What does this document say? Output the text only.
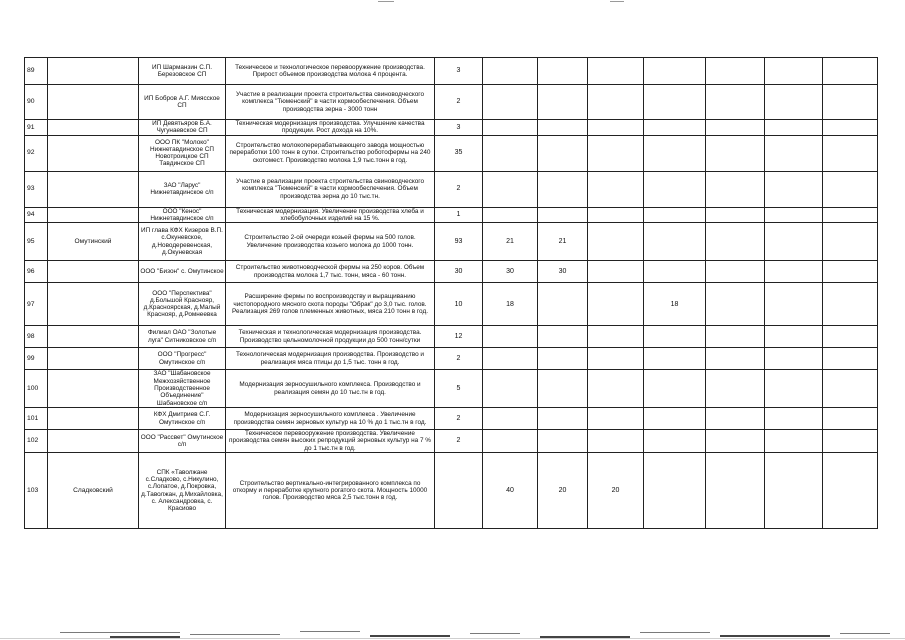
89		ИП Шарманзин С.П. Березовское СП	Техническое и технологическое перевооружение производства. Прирост объемов производства молока 4 процента.	3							
90		ИП Бобров А.Г. Миясское СП	Участие в реализации проекта строительства свиноводческого комплекса "Тюменский" в части кормообеспечения. Объем производства зерна - 3000 тонн	2							
91		ИП Девятьяров Б.А. Чугунаевское СП	Техническая модернизация производства. Улучшение качества продукции. Рост дохода на 10%.	3							
92		ООО ПК "Молоко" Нижнетавдинское СП Новотроицкое СП Тавдинское СП	Строительство молокоперерабатывающего завода мощностью переработки 100 тонн в сутки. Строительство роботофермы на 240 скотомест. Производство молока 1,9 тыс.тонн в год.	35							
93		ЗАО "Ларус" Нижнетавдинское с/п	Участие в реализации проекта строительства свиноводческого комплекса "Тюменский" в части кормообеспечения. Объем производства зерна до 10 тыс.тн.	2							
94		ООО "Кенос" Нижнетавдинское с/п	Техническая модернизация. Увеличение производства хлеба и хлебобулочных изделий на 15 %.	1							
95	Омутинский	ИП глава КФХ Кизеров В.П. с.Окуневское, д.Новодеревенская, д.Окуневская	Строительство 2-ой очереди козьей фермы на 500 голов. Увеличение производства козьего молока до 1000 тонн.	93	21	21					
96		ООО "Бизон" с. Омутинское	Строительство животноводческой фермы на 250 коров. Объем производства молока 1,7 тыс. тонн, мяса - 60 тонн.	30	30	30					
97		ООО "Перспектива" д.Большой Краснояр, д.Красноярская, д.Малый Краснояр, д.Ромнеевка	Расширение фермы по воспроизводству и выращиванию чистопородного мясного скота породы "Обрак" до 3,0 тыс. голов. Реализация 269 голов племенных животных, мяса 210 тонн в год.	10	18			18			
98		Филиал ОАО "Золотые луга" Ситниковское с/п	Техническая и технологическая модернизация производства. Производство цельномолочной продукции до 500 тонн/сутки	12							
99		ООО "Прогресс" Омутинское с/п	Технологическая модернизация производства. Производство и реализация мяса птицы до 1,5 тыс. тонн в год.	2							
100		ЗАО "Шабановское Межхозяйственное Производственное Объединение" Шабановское с/п	Модернизация зерносушильного комплекса. Производство и реализация семян до 10 тыс.тн в год.	5							
101		КФХ Дмитриев С.Г. Омутинское с/п	Модернизация зерносушильного комплекса . Увеличение производства семян зерновых культур на 10 % до 1 тыс.тн в год.	2							
102		ООО "Рассвет" Омутинское с/п	Техническое перевооружение производства. Увеличение производства семян высоких репродукций зерновых культур на 7 % до 1 тыс.тн в год.	2							
103	Сладковский	СПК «Таволжане с.Сладково, с.Никулино, с.Лопатое, д.Покровка, д.Таволжан, д.Михайловка, с. Александровка, с. Красиово	Строительство вертикально-интегрированного комплекса по откорму и переработке крупного рогатого скота. Мощность 10000 голов. Производство мяса 2,5 тыс.тонн в год.		40	20	20				
